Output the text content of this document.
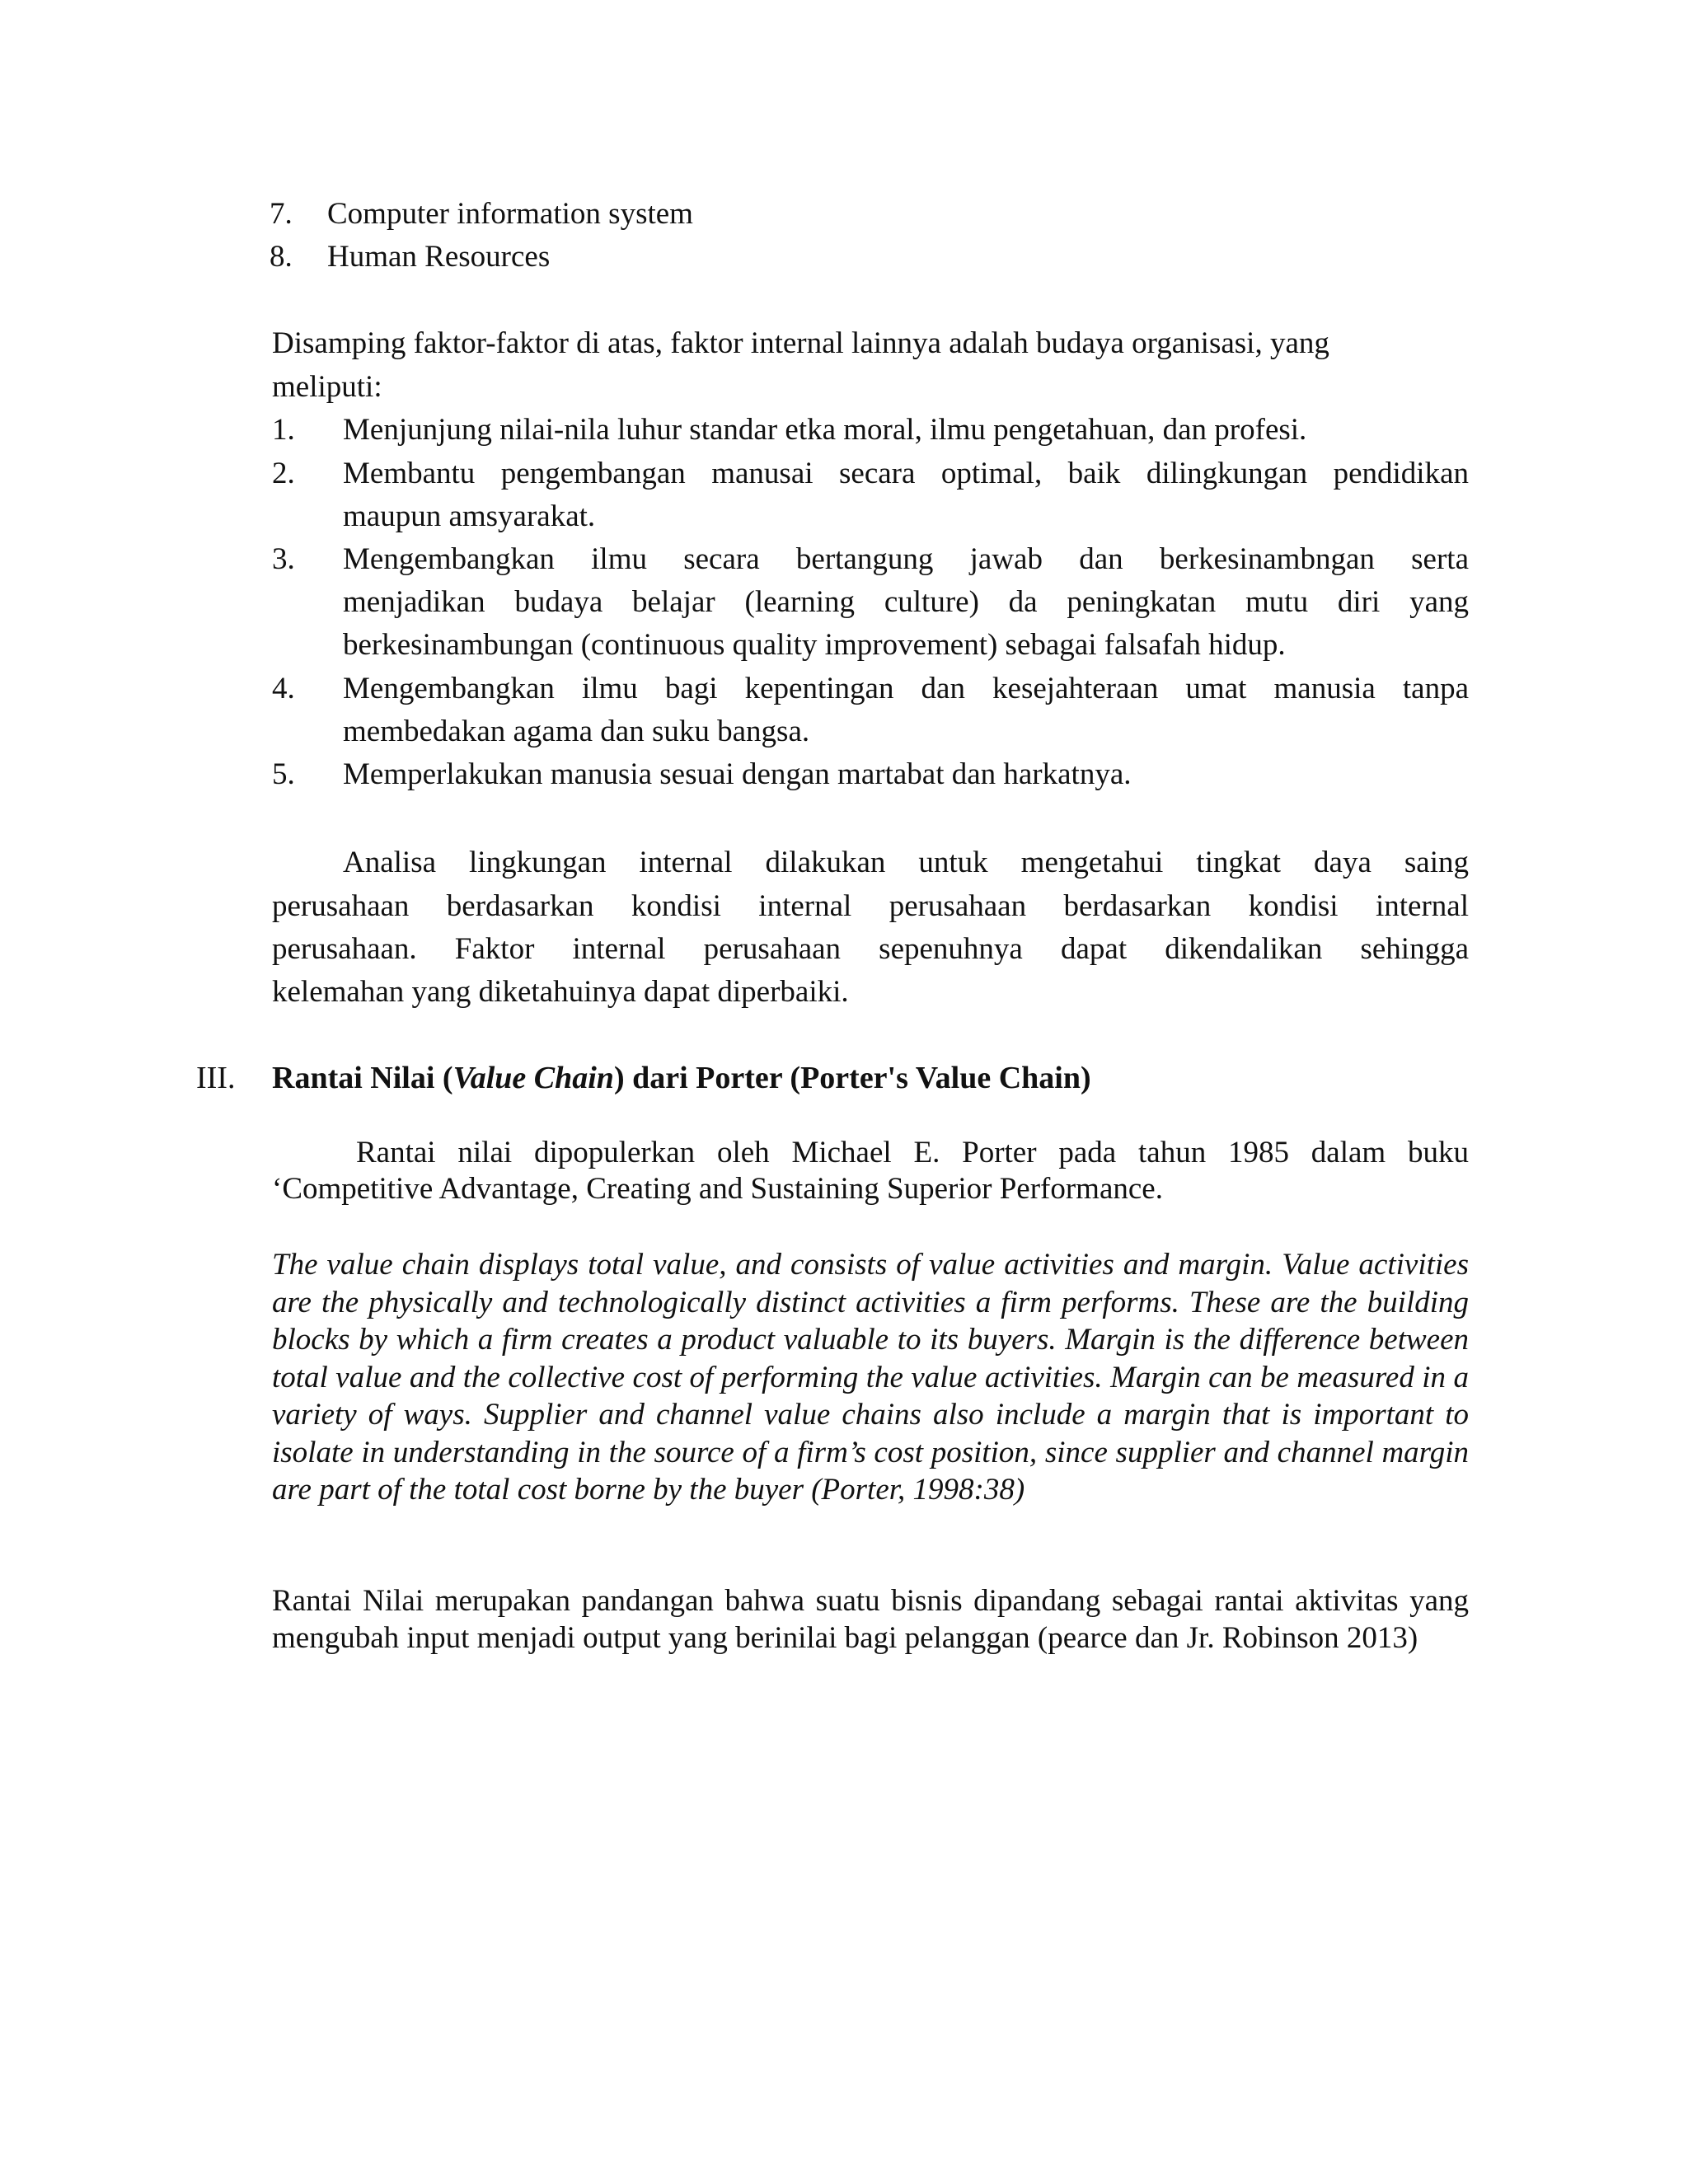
7. Computer information system
8. Human Resources
Disamping faktor-faktor di atas, faktor internal lainnya adalah budaya organisasi, yang
meliputi:
1. Menjunjung nilai-nila luhur standar etka moral, ilmu pengetahuan, dan profesi.
2. Membantu pengembangan manusai secara optimal, baik dilingkungan pendidikan
maupun amsyarakat.
3. Mengembangkan ilmu secara bertangung jawab dan berkesinambngan serta
menjadikan budaya belajar (learning culture) da peningkatan mutu diri yang
berkesinambungan (continuous quality improvement) sebagai falsafah hidup.
4. Mengembangkan ilmu bagi kepentingan dan kesejahteraan umat manusia tanpa
membedakan agama dan suku bangsa.
5. Memperlakukan manusia sesuai dengan martabat dan harkatnya.
Analisa lingkungan internal dilakukan untuk mengetahui tingkat daya saing
perusahaan berdasarkan kondisi internal perusahaan berdasarkan kondisi internal
perusahaan. Faktor internal perusahaan sepenuhnya dapat dikendalikan sehingga
kelemahan yang diketahuinya dapat diperbaiki.
III. Rantai Nilai (Value Chain) dari Porter (Porter's Value Chain)
Rantai nilai dipopulerkan oleh Michael E. Porter pada tahun 1985 dalam buku
‘Competitive Advantage, Creating and Sustaining Superior Performance.
The value chain displays total value, and consists of value activities and margin. Value activities are the physically and technologically distinct activities a firm performs. These are the building blocks by which a firm creates a product valuable to its buyers. Margin is the difference between total value and the collective cost of performing the value activities. Margin can be measured in a variety of ways. Supplier and channel value chains also include a margin that is important to isolate in understanding in the source of a firm’s cost position, since supplier and channel margin are part of the total cost borne by the buyer (Porter, 1998:38)
Rantai Nilai merupakan pandangan bahwa suatu bisnis dipandang sebagai rantai aktivitas yang mengubah input menjadi output yang berinilai bagi pelanggan (pearce dan Jr. Robinson 2013)
